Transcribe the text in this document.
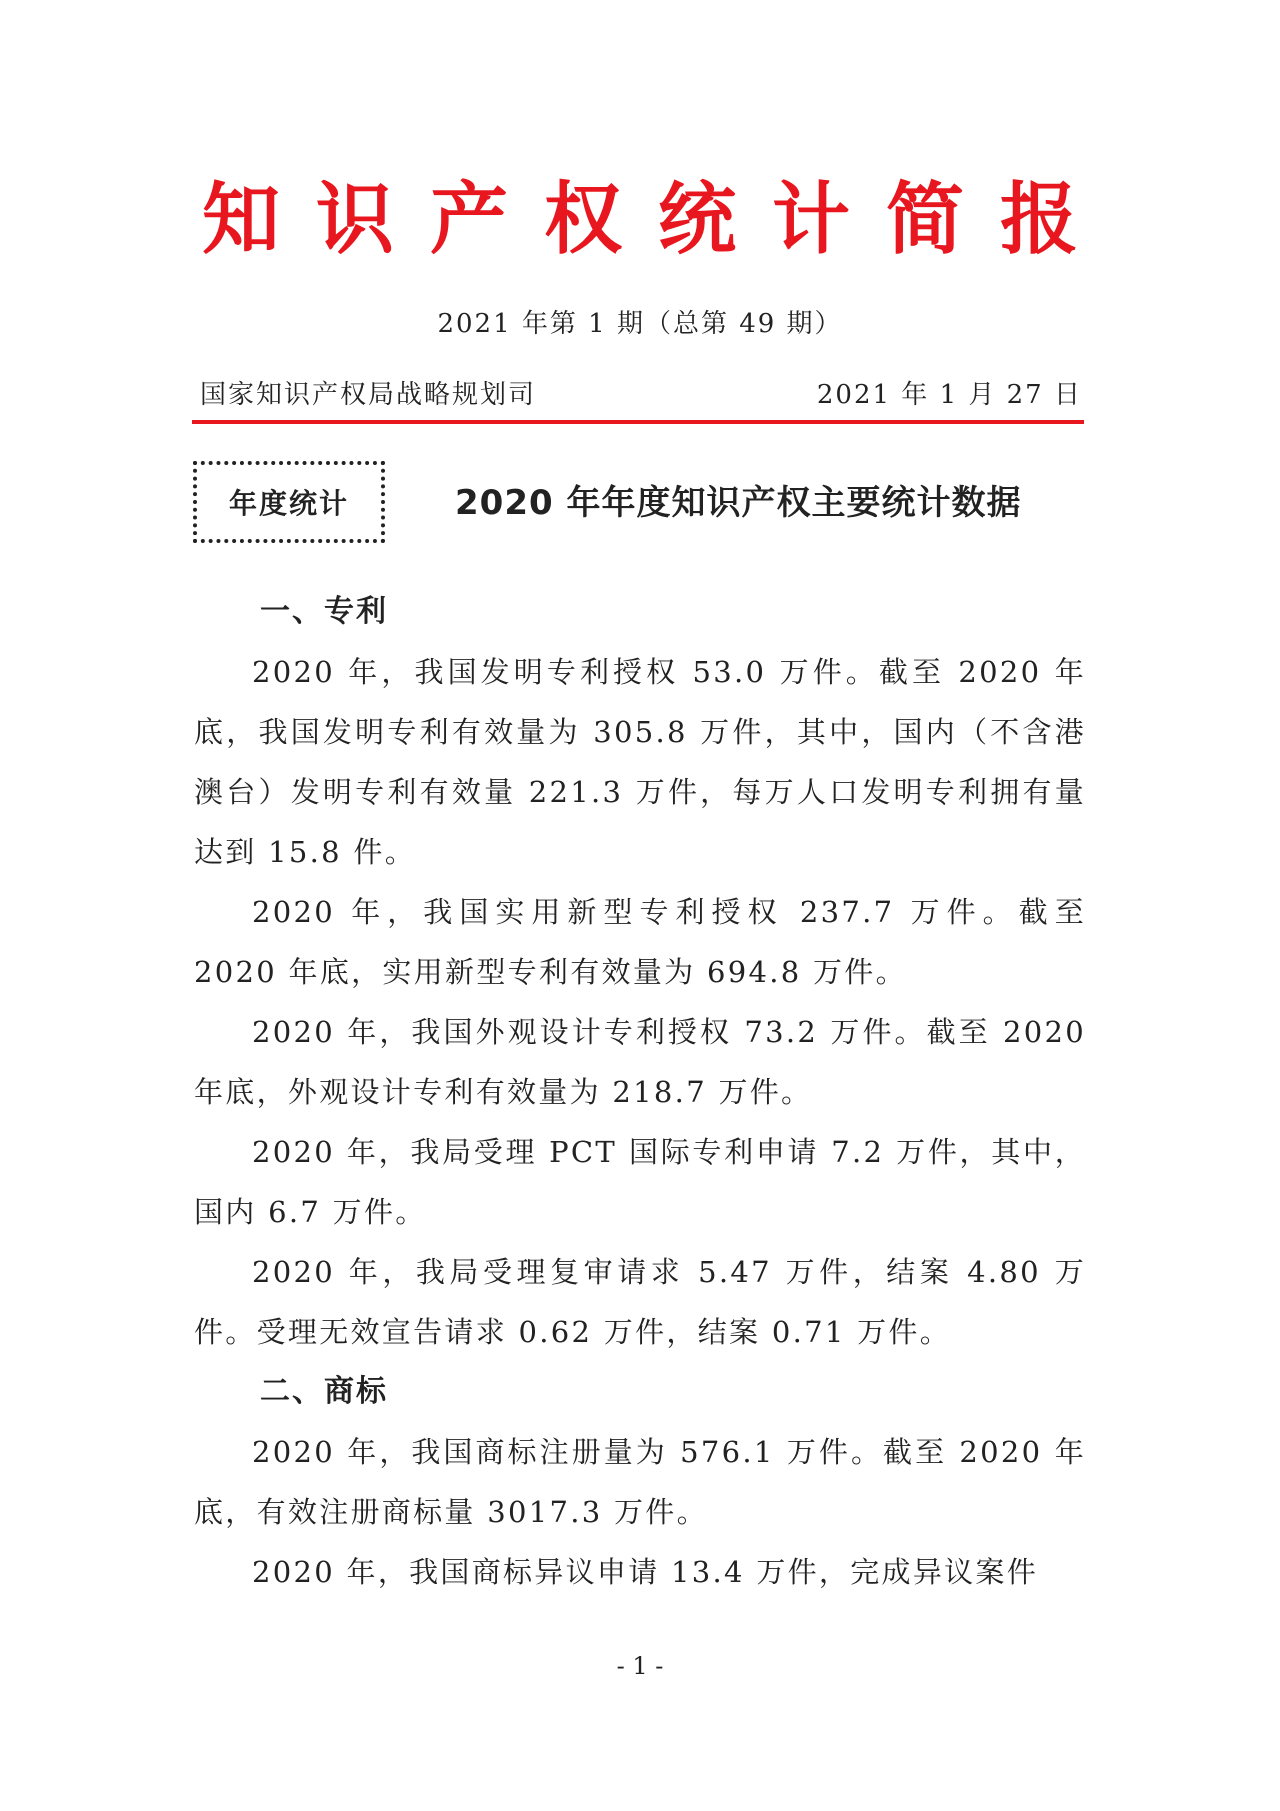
知识产权统计简报
2021 年第 1 期（总第 49 期）
国家知识产权局战略规划司	2021 年 1 月 27 日
年度统计	2020 年年度知识产权主要统计数据
一、专利

2020 年，我国发明专利授权 53.0 万件。截至 2020 年底，我国发明专利有效量为 305.8 万件，其中，国内（不含港澳台）发明专利有效量 221.3 万件，每万人口发明专利拥有量达到 15.8 件。

2020 年，我国实用新型专利授权 237.7 万件。截至 2020 年底，实用新型专利有效量为 694.8 万件。

2020 年，我国外观设计专利授权 73.2 万件。截至 2020 年底，外观设计专利有效量为 218.7 万件。

2020 年，我局受理 PCT 国际专利申请 7.2 万件，其中，国内 6.7 万件。

2020 年，我局受理复审请求 5.47 万件，结案 4.80 万件。受理无效宣告请求 0.62 万件，结案 0.71 万件。

二、商标

2020 年，我国商标注册量为 576.1 万件。截至 2020 年底，有效注册商标量 3017.3 万件。

2020 年，我国商标异议申请 13.4 万件，完成异议案件

- 1 -
